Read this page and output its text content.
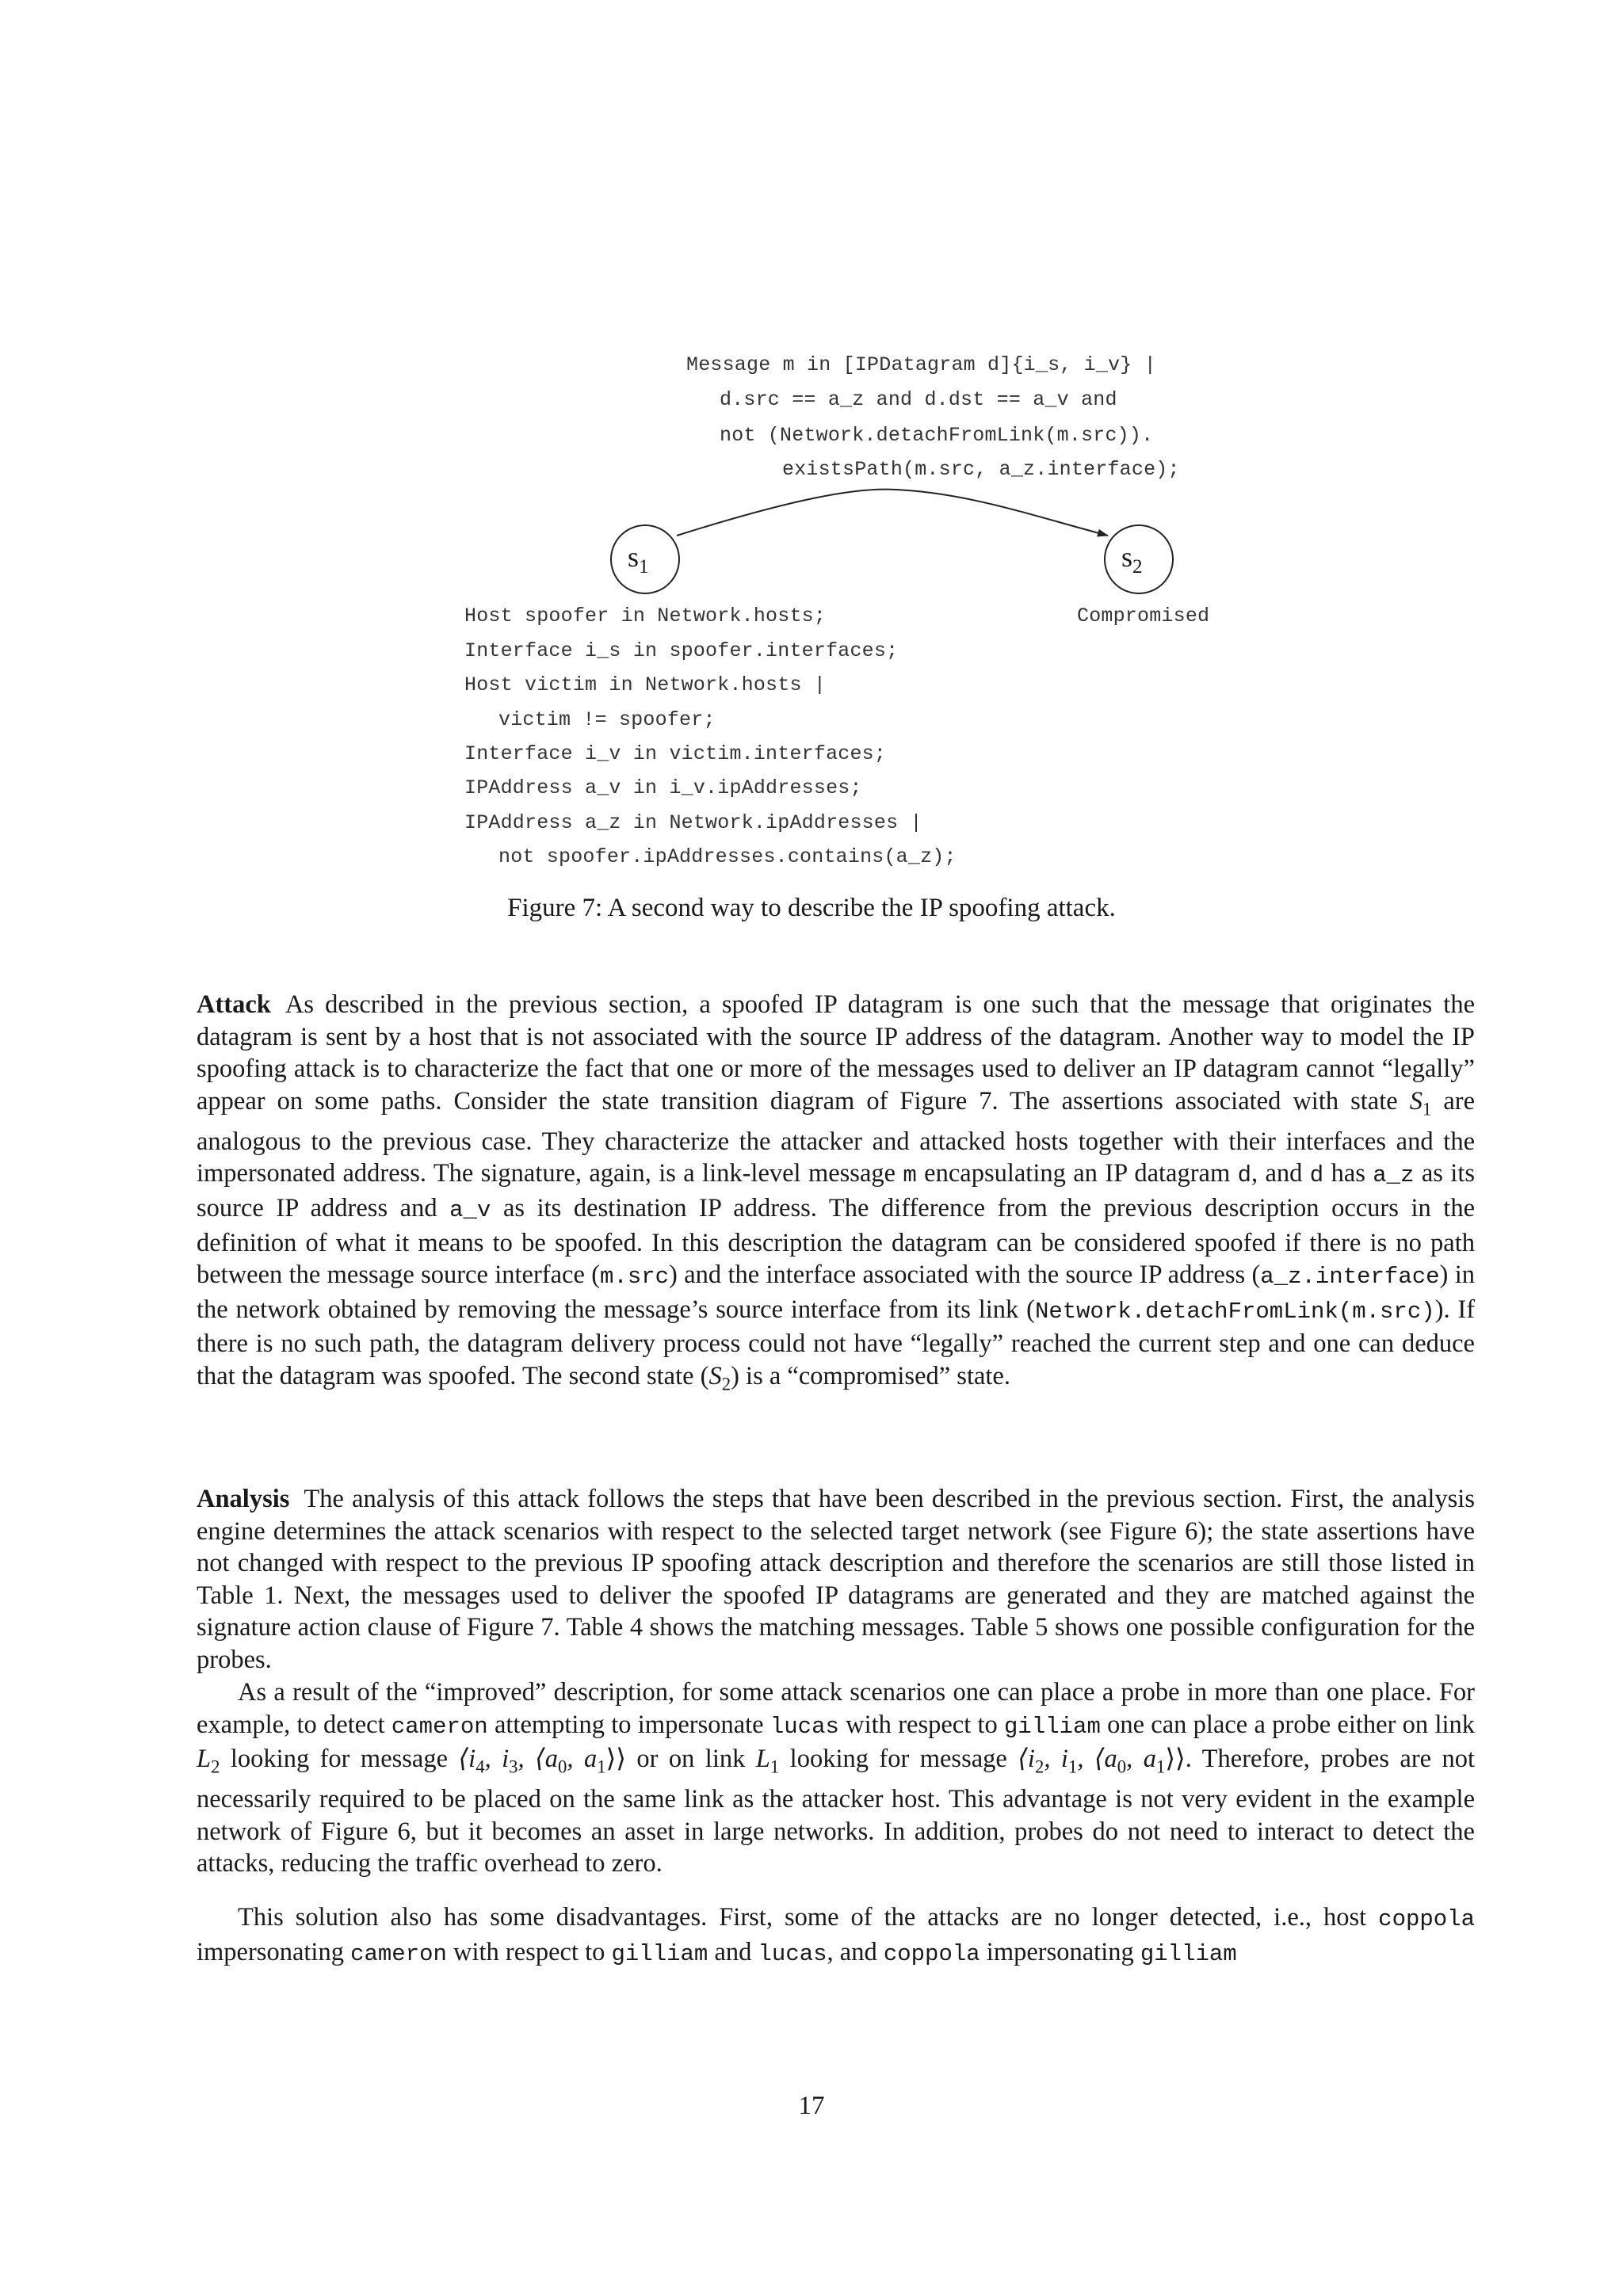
Message m in [IPDatagram d]{i_s, i_v} |
d.src == a_z and d.dst == a_v and
not (Network.detachFromLink(m.src)).
existsPath(m.src, a_z.interface);
$s_1$	$s_2$
Compromised
Host spoofer in Network.hosts;
Interface i_s in spoofer.interfaces;
Host victim in Network.hosts |
victim != spoofer;
Interface i_v in victim.interfaces;
IPAddress a_v in i_v.ipAddresses;
IPAddress a_z in Network.ipAddresses |
not spoofer.ipAddresses.contains(a_z);
Figure 7: A second way to describe the IP spoofing attack.
Attack As described in the previous section, a spoofed IP datagram is one such that the message that originates the datagram is sent by a host that is not associated with the source IP address of the datagram. Another way to model the IP spoofing attack is to characterize the fact that one or more of the messages used to deliver an IP datagram cannot “legally” appear on some paths. Consider the state transition diagram of Figure 7. The assertions associated with state $S_1$ are analogous to the previous case. They characterize the attacker and attacked hosts together with their interfaces and the impersonated address. The signature, again, is a link-level message m encapsulating an IP datagram d, and d has a_z as its source IP address and a_v as its destination IP address. The difference from the previous description occurs in the definition of what it means to be spoofed. In this description the datagram can be considered spoofed if there is no path between the message source interface (m.src) and the interface associated with the source IP address (a_z.interface) in the network obtained by removing the message’s source interface from its link (Network.detachFromLink(m.src)). If there is no such path, the datagram delivery process could not have “legally” reached the current step and one can deduce that the datagram was spoofed. The second state $(S_2)$ is a “compromised” state.
Analysis The analysis of this attack follows the steps that have been described in the previous section. First, the analysis engine determines the attack scenarios with respect to the selected target network (see Figure 6); the state assertions have not changed with respect to the previous IP spoofing attack description and therefore the scenarios are still those listed in Table 1. Next, the messages used to deliver the spoofed IP datagrams are generated and they are matched against the signature action clause of Figure 7. Table 4 shows the matching messages. Table 5 shows one possible configuration for the probes.
As a result of the “improved” description, for some attack scenarios one can place a probe in more than one place. For example, to detect cameron attempting to impersonate lucas with respect to gilliam one can place a probe either on link $L_2$ looking for message $⟨i_4$, $i_3$, $⟨a_0$, $a_1⟩⟩$ or on link $L_1$ looking for message $⟨i_2$, $i_1$, $⟨a_0$, $a_1⟩⟩$. Therefore, probes are not necessarily required to be placed on the same link as the attacker host. This advantage is not very evident in the example network of Figure 6, but it becomes an asset in large networks. In addition, probes do not need to interact to detect the attacks, reducing the traffic overhead to zero.
This solution also has some disadvantages. First, some of the attacks are no longer detected, i.e., host coppola impersonating cameron with respect to gilliam and lucas, and coppola impersonating gilliam
17
